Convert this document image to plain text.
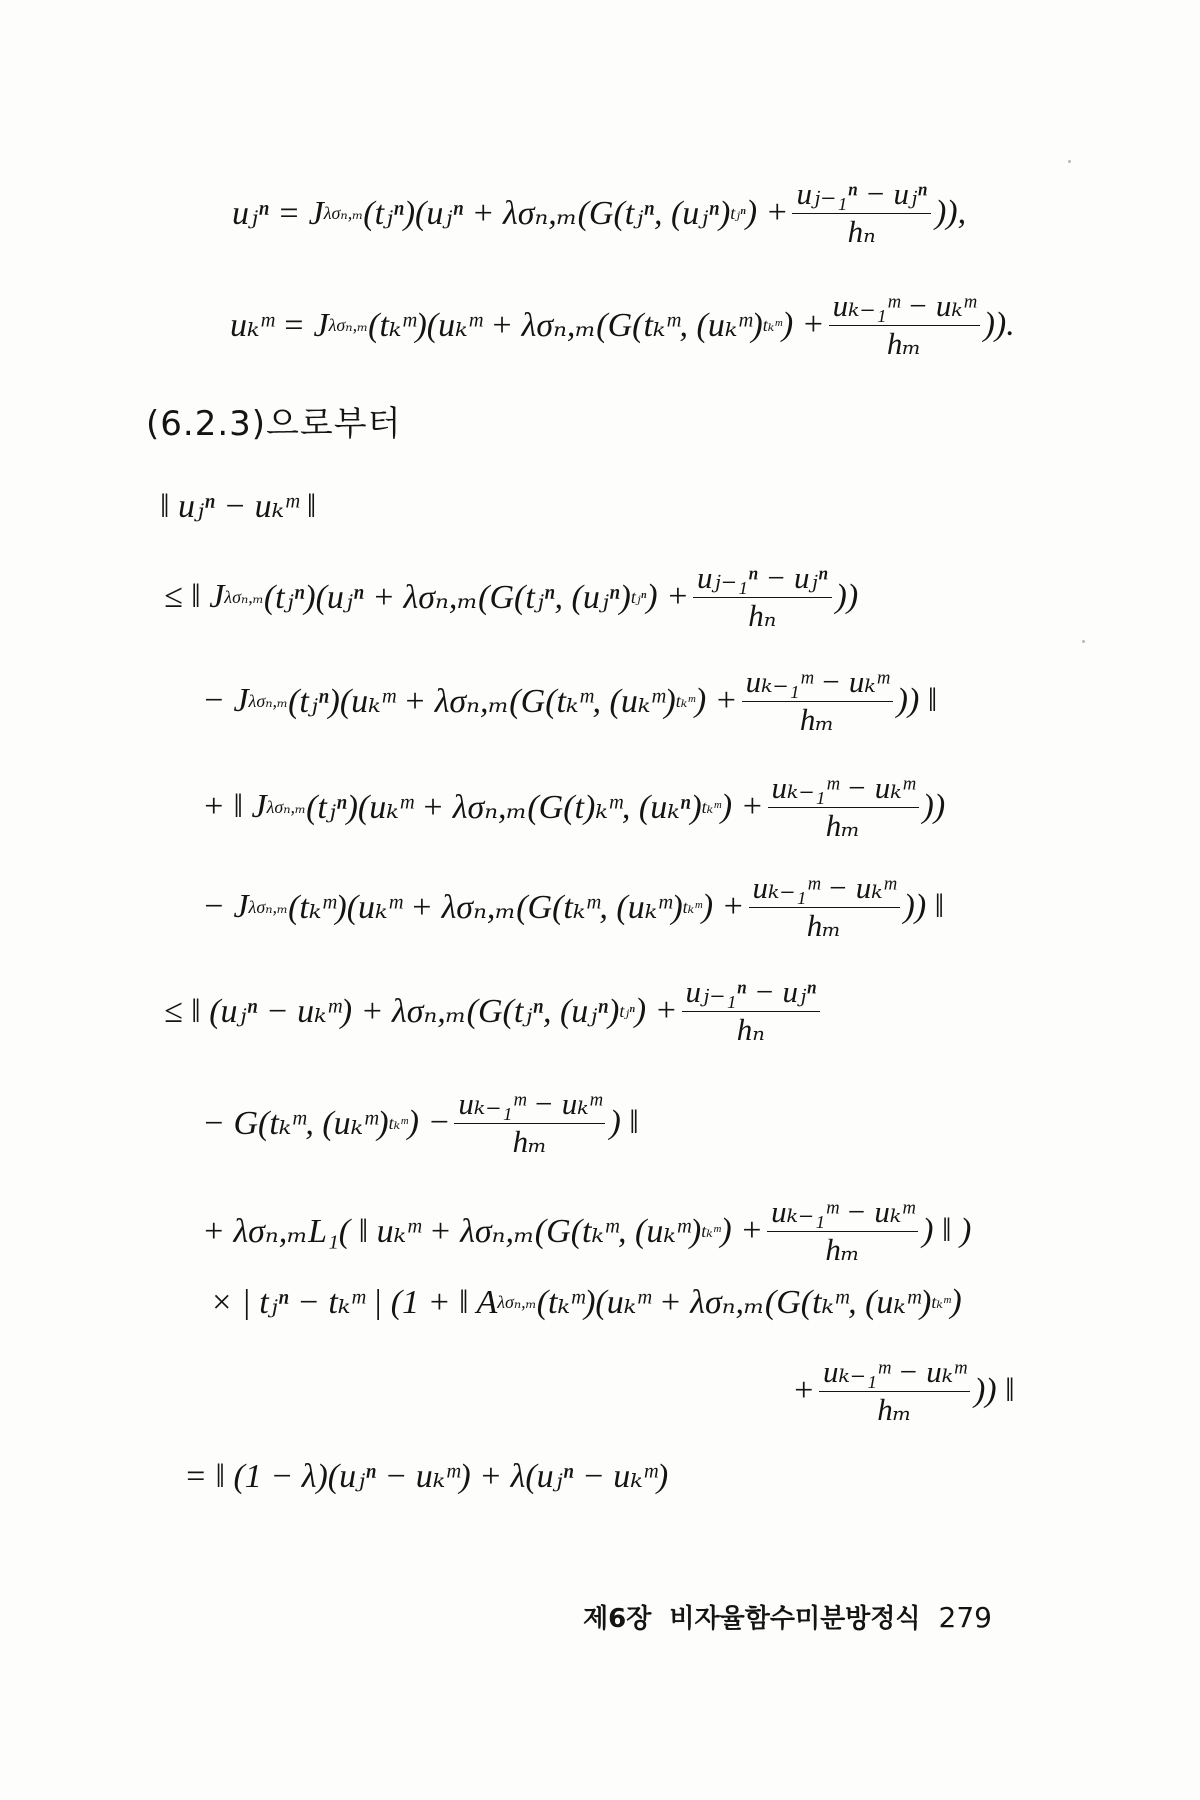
uⱼⁿ = J λσₙ,ₘ (tⱼⁿ)(uⱼⁿ + λσₙ,ₘ(G(tⱼⁿ, (uⱼⁿ) tⱼⁿ ) + $\frac{\text{uⱼ₋₁ⁿ − uⱼⁿ}}{\text{hₙ}}$ )),
uₖᵐ = J λσₙ,ₘ (tₖᵐ)(uₖᵐ + λσₙ,ₘ(G(tₖᵐ, (uₖᵐ) tₖᵐ ) + $\frac{\text{uₖ₋₁ᵐ − uₖᵐ}}{\text{hₘ}}$ )).
(6.2.3)으로부터
‖ uⱼⁿ − uₖᵐ ‖
≤ ‖ J λσₙ,ₘ (tⱼⁿ)(uⱼⁿ + λσₙ,ₘ(G(tⱼⁿ, (uⱼⁿ) tⱼⁿ ) + $\frac{\text{uⱼ₋₁ⁿ − uⱼⁿ}}{\text{hₙ}}$ ))
− J λσₙ,ₘ (tⱼⁿ)(uₖᵐ + λσₙ,ₘ(G(tₖᵐ, (uₖᵐ) tₖᵐ ) + $\frac{\text{uₖ₋₁ᵐ − uₖᵐ}}{\text{hₘ}}$ )) ‖
+ ‖ J λσₙ,ₘ (tⱼⁿ)(uₖᵐ + λσₙ,ₘ(G(t)ₖᵐ, (uₖⁿ) tₖᵐ ) + $\frac{\text{uₖ₋₁ᵐ − uₖᵐ}}{\text{hₘ}}$ ))
− J λσₙ,ₘ (tₖᵐ)(uₖᵐ + λσₙ,ₘ(G(tₖᵐ, (uₖᵐ) tₖᵐ ) + $\frac{\text{uₖ₋₁ᵐ − uₖᵐ}}{\text{hₘ}}$ )) ‖
≤ ‖ (uⱼⁿ − uₖᵐ) + λσₙ,ₘ(G(tⱼⁿ, (uⱼⁿ) tⱼⁿ ) + $\frac{\text{uⱼ₋₁ⁿ − uⱼⁿ}}{\text{hₙ}}$
− G(tₖᵐ, (uₖᵐ) tₖᵐ ) − $\frac{\text{uₖ₋₁ᵐ − uₖᵐ}}{\text{hₘ}}$ ) ‖
+ λσₙ,ₘL₁( ‖ uₖᵐ + λσₙ,ₘ(G(tₖᵐ, (uₖᵐ) tₖᵐ ) + $\frac{\text{uₖ₋₁ᵐ − uₖᵐ}}{\text{hₘ}}$ ) ‖ )
× | tⱼⁿ − tₖᵐ | (1 + ‖ A λσₙ,ₘ (tₖᵐ)(uₖᵐ + λσₙ,ₘ(G(tₖᵐ, (uₖᵐ) tₖᵐ )
+ $\frac{\text{uₖ₋₁ᵐ − uₖᵐ}}{\text{hₘ}}$ )) ‖
= ‖ (1 − λ)(uⱼⁿ − uₖᵐ) + λ(uⱼⁿ − uₖᵐ)
제6장 비자율함수미분방정식 279
